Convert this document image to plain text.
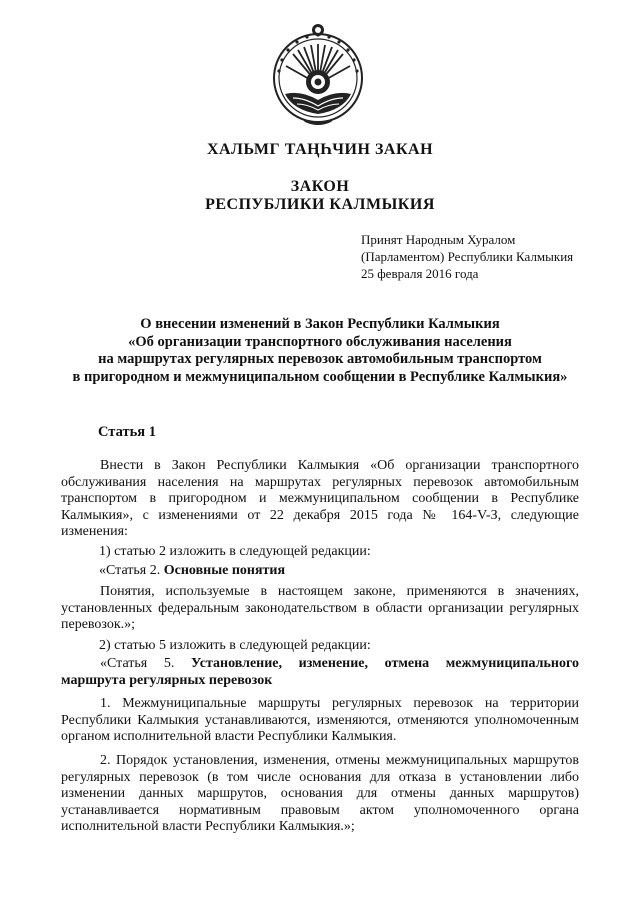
ХАЛЬМГ ТАҢҺЧИН ЗАКАН
ЗАКОН
РЕСПУБЛИКИ КАЛМЫКИЯ
Принят Народным Хуралом
(Парламентом) Республики Калмыкия
25 февраля 2016 года
О внесении изменений в Закон Республики Калмыкия
«Об организации транспортного обслуживания населения
на маршрутах регулярных перевозок автомобильным транспортом
в пригородном и межмуниципальном сообщении в Республике Калмыкия»
Статья 1
Внести в Закон Республики Калмыкия «Об организации транспортного обслуживания населения на маршрутах регулярных перевозок автомобильным транспортом в пригородном и межмуниципальном сообщении в Республике Калмыкия», с изменениями от 22 декабря 2015 года № 164-V-З, следующие изменения:
1) статью 2 изложить в следующей редакции:
«Статья 2. Основные понятия
Понятия, используемые в настоящем законе, применяются в значениях, установленных федеральным законодательством в области организации регулярных перевозок.»;
2) статью 5 изложить в следующей редакции:
«Статья 5. Установление, изменение, отмена межмуниципального маршрута регулярных перевозок
1. Межмуниципальные маршруты регулярных перевозок на территории Республики Калмыкия устанавливаются, изменяются, отменяются уполномоченным органом исполнительной власти Республики Калмыкия.
2. Порядок установления, изменения, отмены межмуниципальных маршрутов регулярных перевозок (в том числе основания для отказа в установлении либо изменении данных маршрутов, основания для отмены данных маршрутов) устанавливается нормативным правовым актом уполномоченного органа исполнительной власти Республики Калмыкия.»;
